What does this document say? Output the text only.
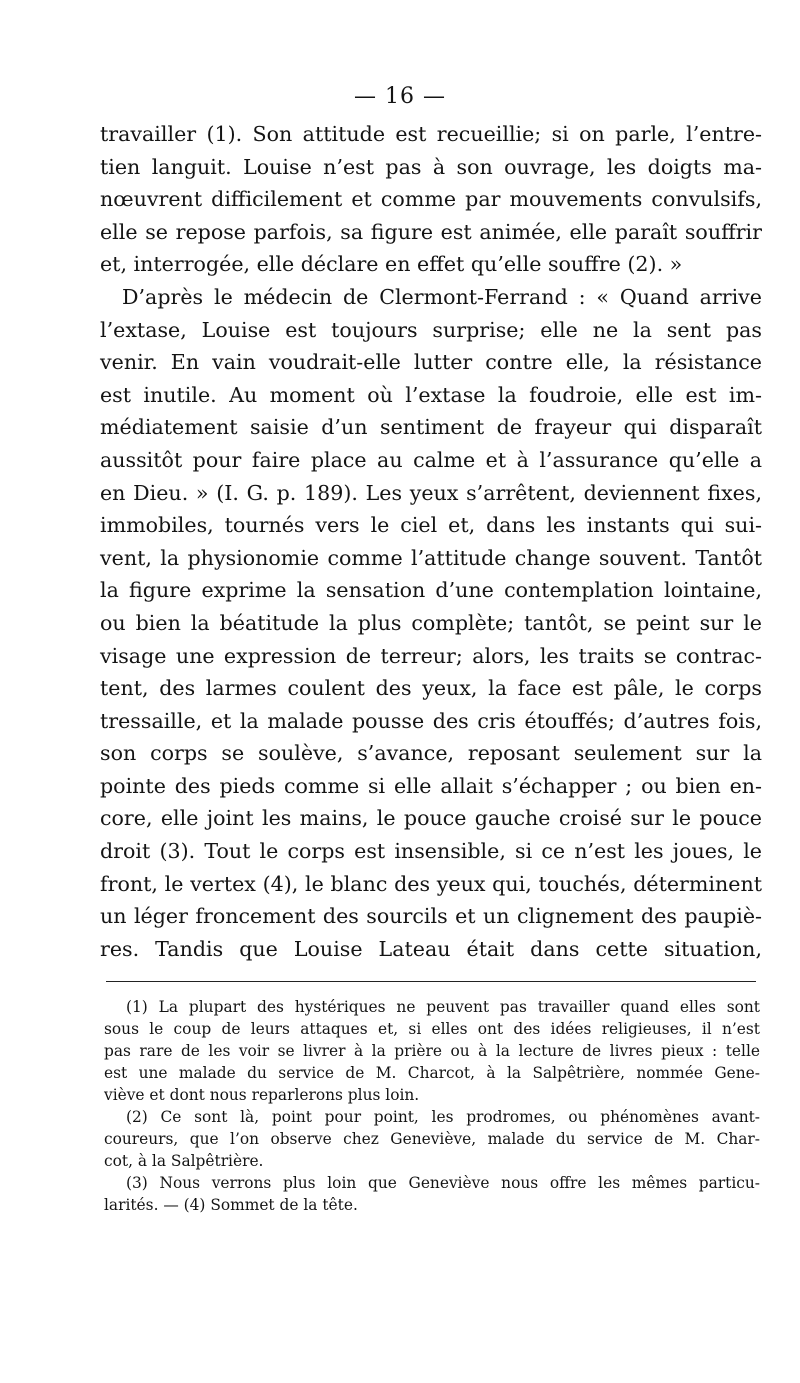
— 16 —
travailler (1). Son attitude est recueillie; si on parle, l’entre-
tien languit. Louise n’est pas à son ouvrage, les doigts ma-
nœuvrent difficilement et comme par mouvements convulsifs,
elle se repose parfois, sa figure est animée, elle paraît souffrir
et, interrogée, elle déclare en effet qu’elle souffre (2). »
D’après le médecin de Clermont-Ferrand : « Quand arrive
l’extase, Louise est toujours surprise; elle ne la sent pas
venir. En vain voudrait-elle lutter contre elle, la résistance
est inutile. Au moment où l’extase la foudroie, elle est im-
médiatement saisie d’un sentiment de frayeur qui disparaît
aussitôt pour faire place au calme et à l’assurance qu’elle a
en Dieu. » (I. G. p. 189). Les yeux s’arrêtent, deviennent fixes,
immobiles, tournés vers le ciel et, dans les instants qui sui-
vent, la physionomie comme l’attitude change souvent. Tantôt
la figure exprime la sensation d’une contemplation lointaine,
ou bien la béatitude la plus complète; tantôt, se peint sur le
visage une expression de terreur; alors, les traits se contrac-
tent, des larmes coulent des yeux, la face est pâle, le corps
tressaille, et la malade pousse des cris étouffés; d’autres fois,
son corps se soulève, s’avance, reposant seulement sur la
pointe des pieds comme si elle allait s’échapper ; ou bien en-
core, elle joint les mains, le pouce gauche croisé sur le pouce
droit (3). Tout le corps est insensible, si ce n’est les joues, le
front, le vertex (4), le blanc des yeux qui, touchés, déterminent
un léger froncement des sourcils et un clignement des paupiè-
res. Tandis que Louise Lateau était dans cette situation,
(1) La plupart des hystériques ne peuvent pas travailler quand elles sont
sous le coup de leurs attaques et, si elles ont des idées religieuses, il n’est
pas rare de les voir se livrer à la prière ou à la lecture de livres pieux : telle
est une malade du service de M. Charcot, à la Salpêtrière, nommée Gene-
viève et dont nous reparlerons plus loin.
(2) Ce sont là, point pour point, les prodromes, ou phénomènes avant-
coureurs, que l’on observe chez Geneviève, malade du service de M. Char-
cot, à la Salpêtrière.
(3) Nous verrons plus loin que Geneviève nous offre les mêmes particu-
larités. — (4) Sommet de la tête.
